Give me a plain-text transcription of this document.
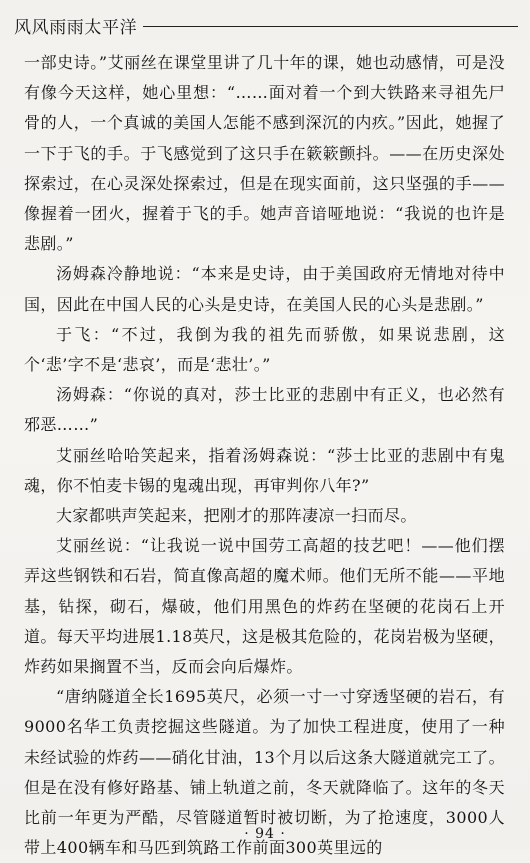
风风雨雨太平洋

一部史诗。”艾丽丝在课堂里讲了几十年的课，她也动感情，可是没有像今天这样，她心里想：“……面对着一个到大铁路来寻祖先尸骨的人，一个真诚的美国人怎能不感到深沉的内疚。”因此，她握了一下于飞的手。于飞感觉到了这只手在簌簌颤抖。——在历史深处探索过，在心灵深处探索过，但是在现实面前，这只坚强的手——像握着一团火，握着于飞的手。她声音谙哑地说：“我说的也许是悲剧。”

汤姆森冷静地说：“本来是史诗，由于美国政府无情地对待中国，因此在中国人民的心头是史诗，在美国人民的心头是悲剧。”

于飞：“不过，我倒为我的祖先而骄傲，如果说悲剧，这个‘悲’字不是‘悲哀’，而是‘悲壮’。”

汤姆森：“你说的真对，莎士比亚的悲剧中有正义，也必然有邪恶……”

艾丽丝哈哈笑起来，指着汤姆森说：“莎士比亚的悲剧中有鬼魂，你不怕麦卡锡的鬼魂出现，再审判你八年?”

大家都哄声笑起来，把刚才的那阵凄凉一扫而尽。

艾丽丝说：“让我说一说中国劳工高超的技艺吧！——他们摆弄这些钢铁和石岩，简直像高超的魔术师。他们无所不能——平地基，钻探，砌石，爆破，他们用黑色的炸药在坚硬的花岗石上开道。每天平均进展1.18英尺，这是极其危险的，花岗岩极为坚硬，炸药如果搁置不当，反而会向后爆炸。

“唐纳隧道全长1695英尺，必须一寸一寸穿透坚硬的岩石，有9000名华工负责挖掘这些隧道。为了加快工程进度，使用了一种未经试验的炸药——硝化甘油，13个月以后这条大隧道就完工了。但是在没有修好路基、铺上轨道之前，冬天就降临了。这年的冬天比前一年更为严酷，尽管隧道暂时被切断，为了抢速度，3000人带上400辆车和马匹到筑路工作前面300英里远的

· 94 ·
